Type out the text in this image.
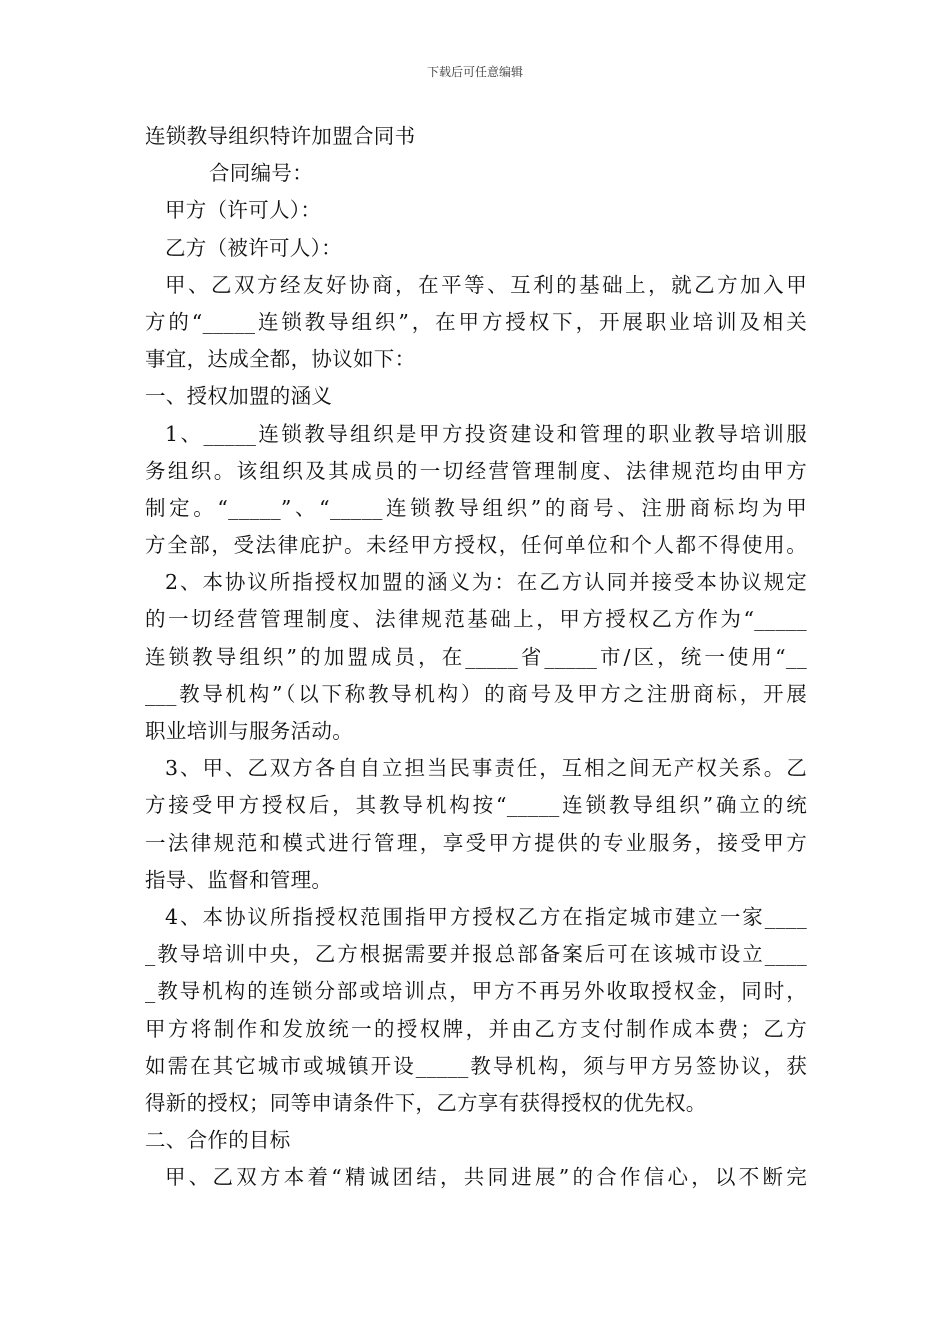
下载后可任意编辑
连锁教导组织特许加盟合同书
合同编号：
甲方（许可人）：
乙方（被许可人）：
甲、乙双方经友好协商，在平等、互利的基础上，就乙方加入甲
方的“_____连锁教导组织”，在甲方授权下，开展职业培训及相关
事宜，达成全都，协议如下：
一、授权加盟的涵义
1、_____连锁教导组织是甲方投资建设和管理的职业教导培训服
务组织。该组织及其成员的一切经营管理制度、法律规范均由甲方
制定。“_____”、“_____连锁教导组织”的商号、注册商标均为甲
方全部，受法律庇护。未经甲方授权，任何单位和个人都不得使用。
2、本协议所指授权加盟的涵义为：在乙方认同并接受本协议规定
的一切经营管理制度、法律规范基础上，甲方授权乙方作为“_____
连锁教导组织”的加盟成员，在_____省_____市/区，统一使用“__
___教导机构”（以下称教导机构）的商号及甲方之注册商标，开展
职业培训与服务活动。
3、甲、乙双方各自自立担当民事责任，互相之间无产权关系。乙
方接受甲方授权后，其教导机构按“_____连锁教导组织”确立的统
一法律规范和模式进行管理，享受甲方提供的专业服务，接受甲方
指导、监督和管理。
4、本协议所指授权范围指甲方授权乙方在指定城市建立一家____
_教导培训中央，乙方根据需要并报总部备案后可在该城市设立____
_教导机构的连锁分部或培训点，甲方不再另外收取授权金，同时，
甲方将制作和发放统一的授权牌，并由乙方支付制作成本费；乙方
如需在其它城市或城镇开设_____教导机构，须与甲方另签协议，获
得新的授权；同等申请条件下，乙方享有获得授权的优先权。
二、合作的目标
甲、乙双方本着“精诚团结，共同进展”的合作信心，以不断完
